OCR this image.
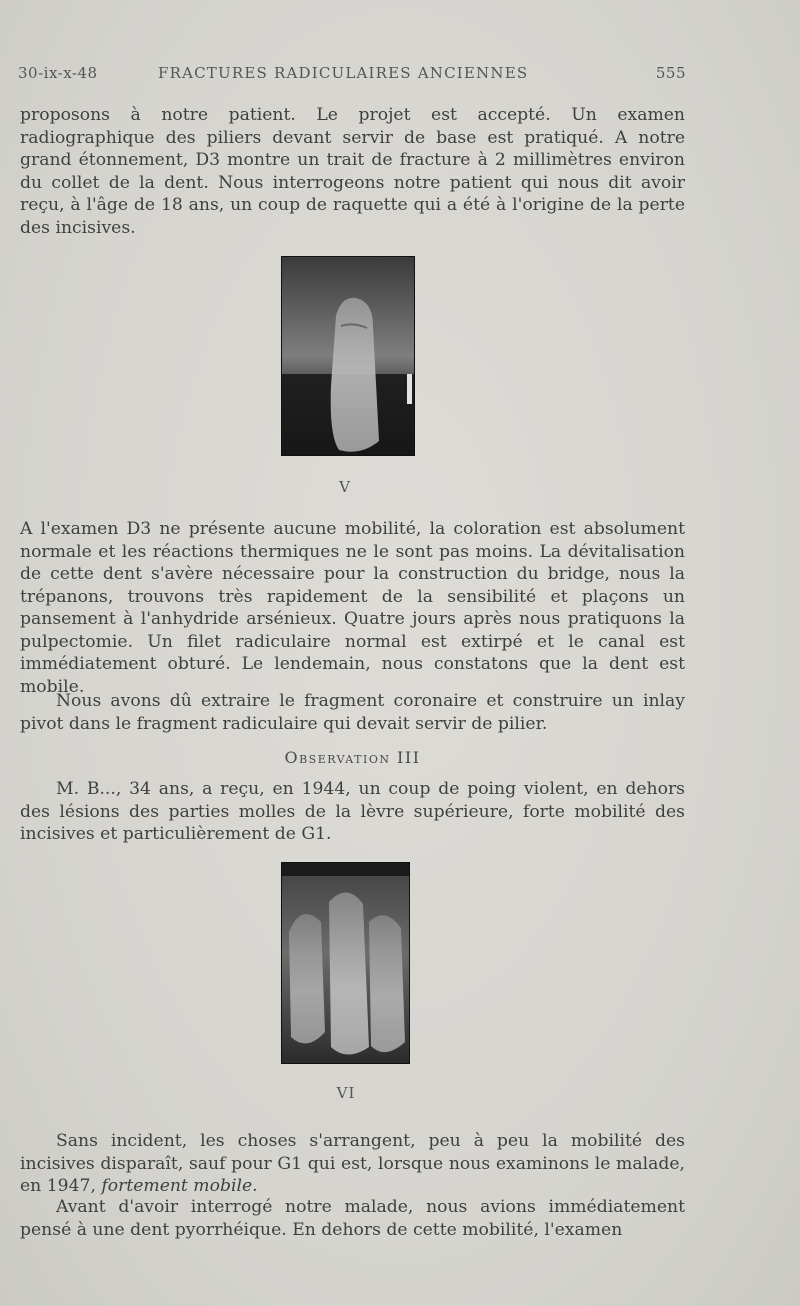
30-ix-x-48	FRACTURES RADICULAIRES ANCIENNES	555
proposons à notre patient. Le projet est accepté. Un examen radiographique des piliers devant servir de base est pratiqué. A notre grand étonnement, D3 montre un trait de fracture à 2 millimètres environ du collet de la dent. Nous interrogeons notre patient qui nous dit avoir reçu, à l'âge de 18 ans, un coup de raquette qui a été à l'origine de la perte des incisives.
V
A l'examen D3 ne présente aucune mobilité, la coloration est absolument normale et les réactions thermiques ne le sont pas moins. La dévitalisation de cette dent s'avère nécessaire pour la construction du bridge, nous la trépanons, trouvons très rapidement de la sensibilité et plaçons un pansement à l'anhydride arsénieux. Quatre jours après nous pratiquons la pulpectomie. Un filet radiculaire normal est extirpé et le canal est immédiatement obturé. Le lendemain, nous constatons que la dent est mobile.
Nous avons dû extraire le fragment coronaire et construire un inlay pivot dans le fragment radiculaire qui devait servir de pilier.
Observation III
M. B..., 34 ans, a reçu, en 1944, un coup de poing violent, en dehors des lésions des parties molles de la lèvre supérieure, forte mobilité des incisives et particulièrement de G1.
VI
Sans incident, les choses s'arrangent, peu à peu la mobilité des incisives disparaît, sauf pour G1 qui est, lorsque nous examinons le malade, en 1947, fortement mobile.
Avant d'avoir interrogé notre malade, nous avions immédiatement pensé à une dent pyorrhéique. En dehors de cette mobilité, l'examen
